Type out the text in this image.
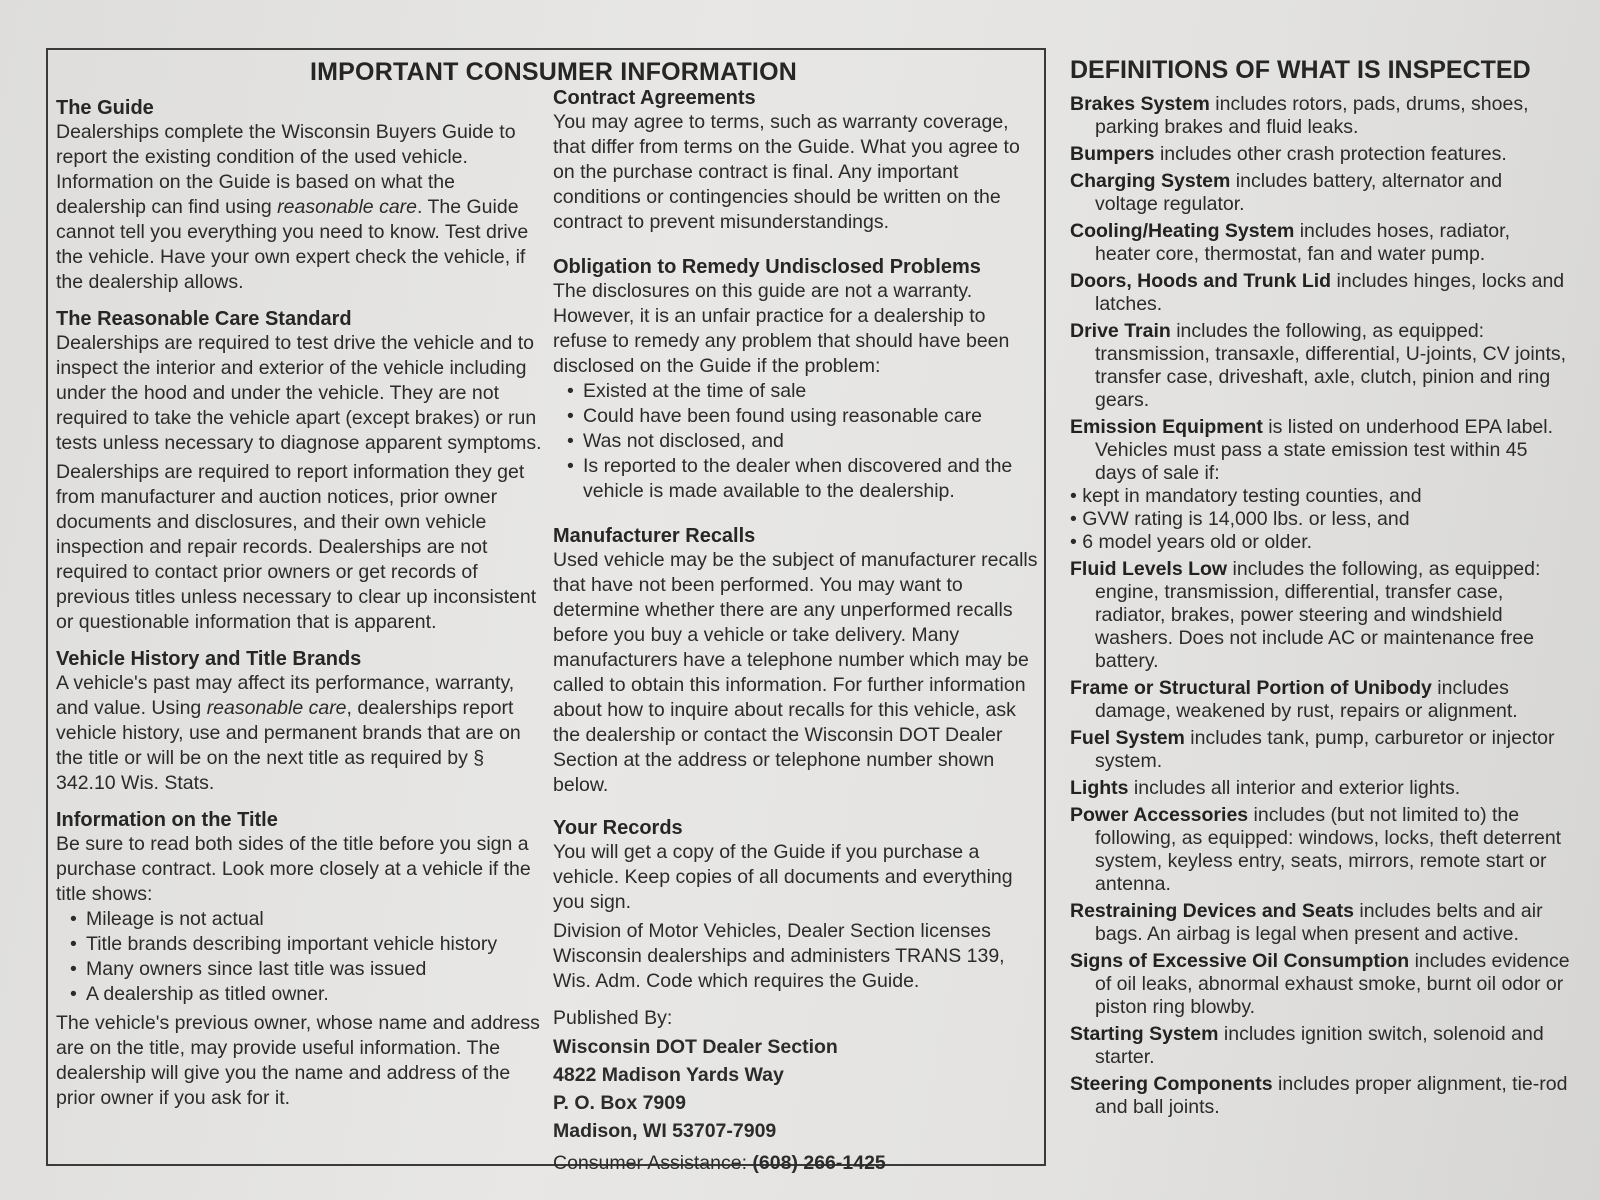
IMPORTANT CONSUMER INFORMATION
The Guide

Dealerships complete the Wisconsin Buyers Guide to report the existing condition of the used vehicle. Information on the Guide is based on what the dealership can find using reasonable care. The Guide cannot tell you everything you need to know. Test drive the vehicle. Have your own expert check the vehicle, if the dealership allows.

The Reasonable Care Standard

Dealerships are required to test drive the vehicle and to inspect the interior and exterior of the vehicle including under the hood and under the vehicle. They are not required to take the vehicle apart (except brakes) or run tests unless necessary to diagnose apparent symptoms.

Dealerships are required to report information they get from manufacturer and auction notices, prior owner documents and disclosures, and their own vehicle inspection and repair records. Dealerships are not required to contact prior owners or get records of previous titles unless necessary to clear up inconsistent or questionable information that is apparent.

Vehicle History and Title Brands

A vehicle's past may affect its performance, warranty, and value. Using reasonable care, dealerships report vehicle history, use and permanent brands that are on the title or will be on the next title as required by § 342.10 Wis. Stats.

Information on the Title

Be sure to read both sides of the title before you sign a purchase contract. Look more closely at a vehicle if the title shows:

• Mileage is not actual
• Title brands describing important vehicle history
• Many owners since last title was issued
• A dealership as titled owner.

The vehicle's previous owner, whose name and address are on the title, may provide useful information. The dealership will give you the name and address of the prior owner if you ask for it.

Contract Agreements

You may agree to terms, such as warranty coverage, that differ from terms on the Guide. What you agree to on the purchase contract is final. Any important conditions or contingencies should be written on the contract to prevent misunderstandings.

Obligation to Remedy Undisclosed Problems

The disclosures on this guide are not a warranty. However, it is an unfair practice for a dealership to refuse to remedy any problem that should have been disclosed on the Guide if the problem:

• Existed at the time of sale
• Could have been found using reasonable care
• Was not disclosed, and
• Is reported to the dealer when discovered and the vehicle is made available to the dealership.
Manufacturer Recalls

Used vehicle may be the subject of manufacturer recalls that have not been performed. You may want to determine whether there are any unperformed recalls before you buy a vehicle or take delivery. Many manufacturers have a telephone number which may be called to obtain this information. For further information about how to inquire about recalls for this vehicle, ask the dealership or contact the Wisconsin DOT Dealer Section at the address or telephone number shown below.

Your Records

You will get a copy of the Guide if you purchase a vehicle. Keep copies of all documents and everything you sign.

Division of Motor Vehicles, Dealer Section licenses Wisconsin dealerships and administers TRANS 139, Wis. Adm. Code which requires the Guide.

Published By:

Wisconsin DOT Dealer Section

4822 Madison Yards Way

P. O. Box 7909

Madison, WI 53707-7909

Consumer Assistance: (608) 266-1425

DEFINITIONS OF WHAT IS INSPECTED

Brakes System includes rotors, pads, drums, shoes, parking brakes and fluid leaks.

Bumpers includes other crash protection features.

Charging System includes battery, alternator and voltage regulator.

Cooling/Heating System includes hoses, radiator, heater core, thermostat, fan and water pump.

Doors, Hoods and Trunk Lid includes hinges, locks and latches.

Drive Train includes the following, as equipped: transmission, transaxle, differential, U-joints, CV joints, transfer case, driveshaft, axle, clutch, pinion and ring gears.

Emission Equipment is listed on underhood EPA label. Vehicles must pass a state emission test within 45 days of sale if:
• kept in mandatory testing counties, and
• GVW rating is 14,000 lbs. or less, and
• 6 model years old or older.

Fluid Levels Low includes the following, as equipped: engine, transmission, differential, transfer case, radiator, brakes, power steering and windshield washers. Does not include AC or maintenance free battery.

Frame or Structural Portion of Unibody includes damage, weakened by rust, repairs or alignment.

Fuel System includes tank, pump, carburetor or injector system.

Lights includes all interior and exterior lights.

Power Accessories includes (but not limited to) the following, as equipped: windows, locks, theft deterrent system, keyless entry, seats, mirrors, remote start or antenna.

Restraining Devices and Seats includes belts and air bags. An airbag is legal when present and active.

Signs of Excessive Oil Consumption includes evidence of oil leaks, abnormal exhaust smoke, burnt oil odor or piston ring blowby.

Starting System includes ignition switch, solenoid and starter.

Steering Components includes proper alignment, tie-rod and ball joints.
